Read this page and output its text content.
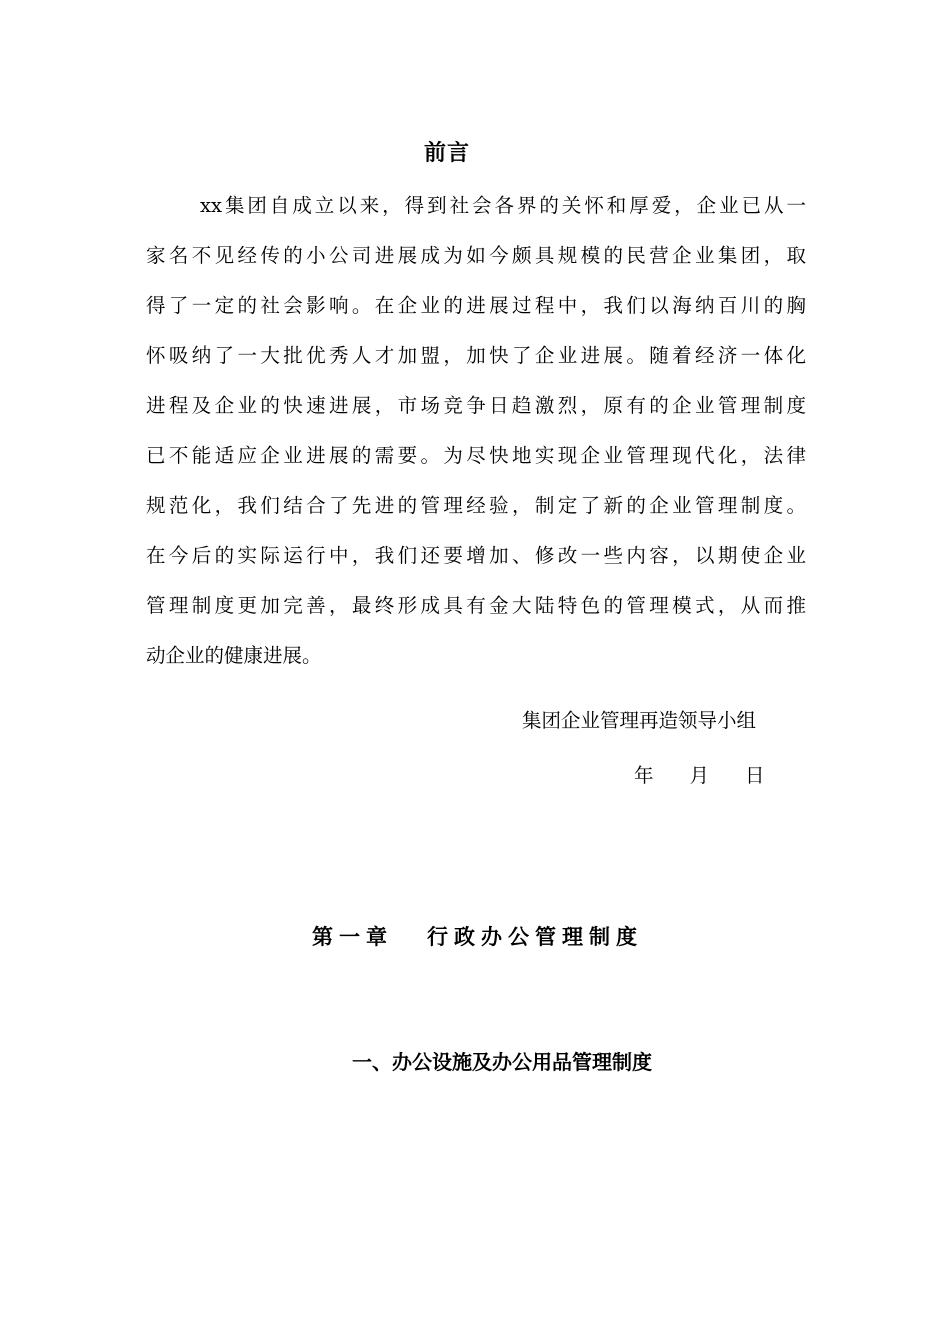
前言
xx集团自成立以来，得到社会各界的关怀和厚爱，企业已从一
家名不见经传的小公司进展成为如今颇具规模的民营企业集团，取
得了一定的社会影响。在企业的进展过程中，我们以海纳百川的胸
怀吸纳了一大批优秀人才加盟，加快了企业进展。随着经济一体化
进程及企业的快速进展，市场竞争日趋激烈，原有的企业管理制度
已不能适应企业进展的需要。为尽快地实现企业管理现代化，法律
规范化，我们结合了先进的管理经验，制定了新的企业管理制度。
在今后的实际运行中，我们还要增加、修改一些内容，以期使企业
管理制度更加完善，最终形成具有金大陆特色的管理模式，从而推
动企业的健康进展。
集团企业管理再造领导小组
年 月 日
第一章 行政办公管理制度
一、办公设施及办公用品管理制度
